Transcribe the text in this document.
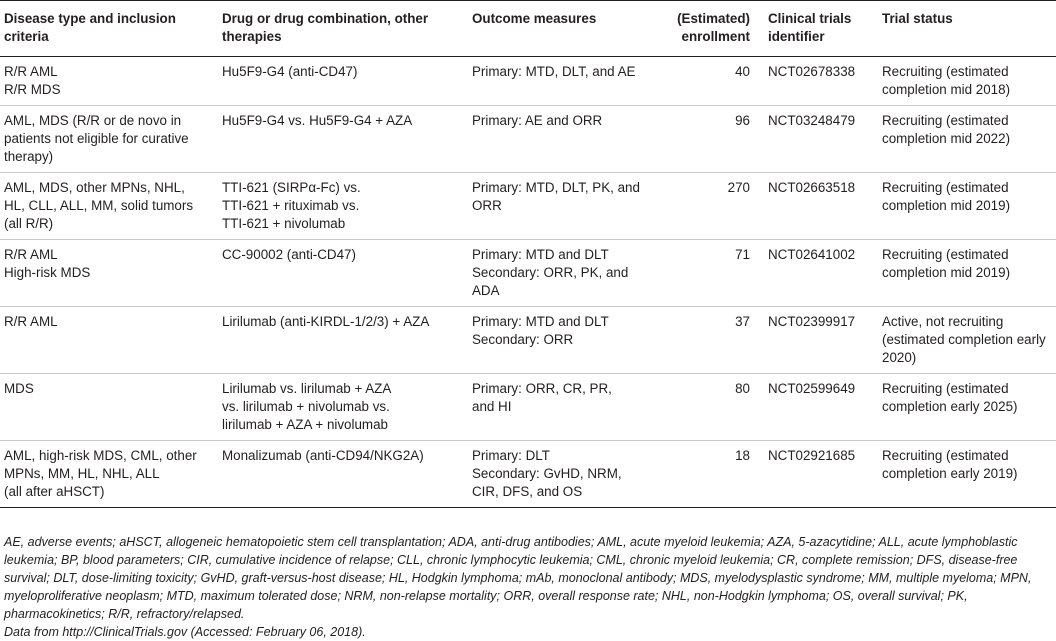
Disease type and inclusion criteria	Drug or drug combination, other therapies	Outcome measures	(Estimated) enrollment	Clinical trials identifier	Trial status

R/R AML
R/R MDS	Hu5F9-G4 (anti-CD47)	Primary: MTD, DLT, and AE	40	NCT02678338	Recruiting (estimated
completion mid 2018)

AML, MDS (R/R or de novo in
patients not eligible for curative
therapy)	Hu5F9-G4 vs. Hu5F9-G4 + AZA	Primary: AE and ORR	96	NCT03248479	Recruiting (estimated
completion mid 2022)

AML, MDS, other MPNs, NHL,
HL, CLL, ALL, MM, solid tumors
(all R/R)	TTI-621 (SIRPα-Fc) vs.
TTI-621 + rituximab vs.
TTI-621 + nivolumab	Primary: MTD, DLT, PK, and
ORR	270	NCT02663518	Recruiting (estimated
completion mid 2019)

R/R AML
High-risk MDS	CC-90002 (anti-CD47)	Primary: MTD and DLT
Secondary: ORR, PK, and
ADA	71	NCT02641002	Recruiting (estimated
completion mid 2019)

R/R AML	Lirilumab (anti-KIRDL-1/2/3) + AZA	Primary: MTD and DLT
Secondary: ORR	37	NCT02399917	Active, not recruiting
(estimated completion early
2020)

MDS	Lirilumab vs. lirilumab + AZA
vs. lirilumab + nivolumab vs.
lirilumab + AZA + nivolumab	Primary: ORR, CR, PR,
and HI	80	NCT02599649	Recruiting (estimated
completion early 2025)

AML, high-risk MDS, CML, other
MPNs, MM, HL, NHL, ALL
(all after aHSCT)	Monalizumab (anti-CD94/NKG2A)	Primary: DLT
Secondary: GvHD, NRM,
CIR, DFS, and OS	18	NCT02921685	Recruiting (estimated
completion early 2019)

AE, adverse events; aHSCT, allogeneic hematopoietic stem cell transplantation; ADA, anti-drug antibodies; AML, acute myeloid leukemia; AZA, 5-azacytidine; ALL, acute lymphoblastic leukemia; BP, blood parameters; CIR, cumulative incidence of relapse; CLL, chronic lymphocytic leukemia; CML, chronic myeloid leukemia; CR, complete remission; DFS, disease-free survival; DLT, dose-limiting toxicity; GvHD, graft-versus-host disease; HL, Hodgkin lymphoma; mAb, monoclonal antibody; MDS, myelodysplastic syndrome; MM, multiple myeloma; MPN, myeloproliferative neoplasm; MTD, maximum tolerated dose; NRM, non-relapse mortality; ORR, overall response rate; NHL, non-Hodgkin lymphoma; OS, overall survival; PK, pharmacokinetics; R/R, refractory/relapsed.

Data from http://ClinicalTrials.gov (Accessed: February 06, 2018).
